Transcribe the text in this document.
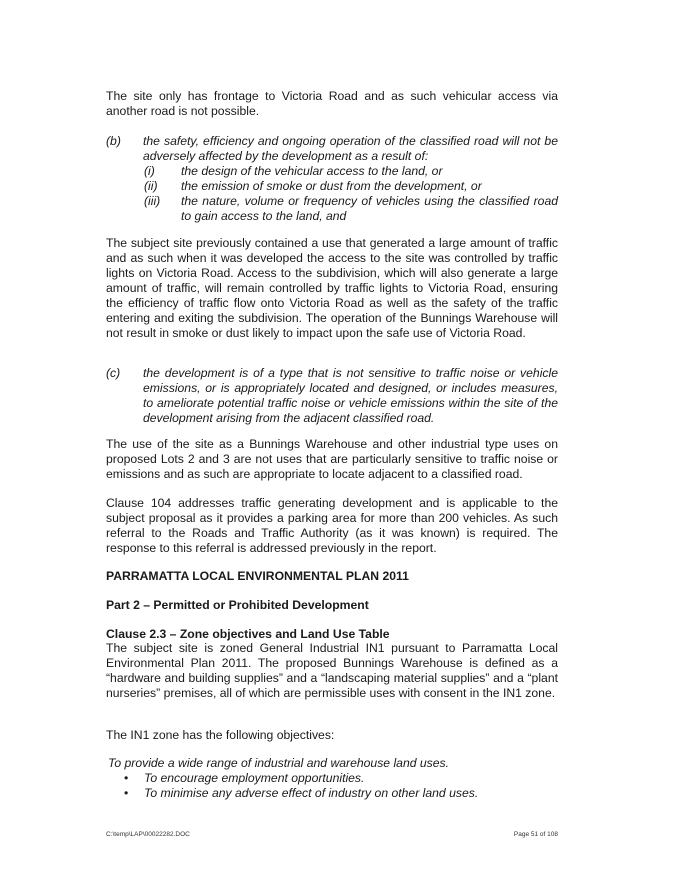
The site only has frontage to Victoria Road and as such vehicular access via another road is not possible.
(b) the safety, efficiency and ongoing operation of the classified road will not be adversely affected by the development as a result of:
(i) the design of the vehicular access to the land, or
(ii) the emission of smoke or dust from the development, or
(iii) the nature, volume or frequency of vehicles using the classified road to gain access to the land, and
The subject site previously contained a use that generated a large amount of traffic and as such when it was developed the access to the site was controlled by traffic lights on Victoria Road. Access to the subdivision, which will also generate a large amount of traffic, will remain controlled by traffic lights to Victoria Road, ensuring the efficiency of traffic flow onto Victoria Road as well as the safety of the traffic entering and exiting the subdivision. The operation of the Bunnings Warehouse will not result in smoke or dust likely to impact upon the safe use of Victoria Road.
(c) the development is of a type that is not sensitive to traffic noise or vehicle emissions, or is appropriately located and designed, or includes measures, to ameliorate potential traffic noise or vehicle emissions within the site of the development arising from the adjacent classified road.
The use of the site as a Bunnings Warehouse and other industrial type uses on proposed Lots 2 and 3 are not uses that are particularly sensitive to traffic noise or emissions and as such are appropriate to locate adjacent to a classified road.
Clause 104 addresses traffic generating development and is applicable to the subject proposal as it provides a parking area for more than 200 vehicles. As such referral to the Roads and Traffic Authority (as it was known) is required. The response to this referral is addressed previously in the report.
PARRAMATTA LOCAL ENVIRONMENTAL PLAN 2011
Part 2 – Permitted or Prohibited Development
Clause 2.3 – Zone objectives and Land Use Table
The subject site is zoned General Industrial IN1 pursuant to Parramatta Local Environmental Plan 2011. The proposed Bunnings Warehouse is defined as a “hardware and building supplies” and a “landscaping material supplies” and a “plant nurseries” premises, all of which are permissible uses with consent in the IN1 zone.
The IN1 zone has the following objectives:
To provide a wide range of industrial and warehouse land uses.
• To encourage employment opportunities.
• To minimise any adverse effect of industry on other land uses.
C:\temp\LAP\00022282.DOC	Page 51 of 108
